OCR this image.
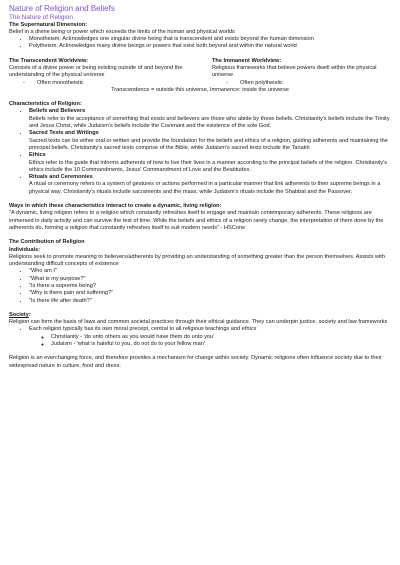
Nature of Religion and Beliefs
The Nature of Religion
The Supernatural Dimension:
Belief in a divine being or power which exceeds the limits of the human and physical worlds
• Monotheism: Acknowledges one singular divine being that is transcendent and exists beyond the human dimension
• Polytheism: Acknowledges many divine beings or powers that exist both beyond and within the natural world
The Transcendent Worldview:
Consists of a divine power or being existing outside of and beyond the understanding of the physical universe
- Often monotheistic
The Immanent Worldview:
Religious frameworks that believe powers dwell within the physical universe
- Often polytheistic
Transcendence = outside this universe, Immanence: inside the universe
Characteristics of Religion:
• Beliefs and Believers
Beliefs refer to the acceptance of something that exists and believers are those who abide by these beliefs. Christianity's beliefs include the Trinity and Jesus Christ, while Judaism's beliefs include the Covenant and the existence of the sole God.
• Sacred Texts and Writings
Sacred texts can be either oral or written and provide the foundation for the beliefs and ethics of a religion, guiding adherents and maintaining the principal beliefs. Christianity's sacred texts comprise of the Bible, while Judaism's sacred texts include the Tanakh
• Ethics
Ethics refer to the guide that informs adherents of how to live their lives in a manner according to the principal beliefs of the religion. Christianity's ethics include the 10 Commandments, Jesus' Commandment of Love and the Beatitudes.
• Rituals and Ceremonies
A ritual or ceremony refers to a system of gestures or actions performed in a particular manner that link adherents to their supreme beings in a physical way. Christianity's rituals include sacraments and the mass, while Judaism's rituals include the Shabbat and the Passover.
Ways in which these characteristics interact to create a dynamic, living religion:
"A dynamic, living religion refers to a religion which constantly refreshes itself to engage and maintain contemporary adherents. These religions are immersed in daily activity and can survive the test of time. While the beliefs and ethics of a religion rarely change, the interpretation of them done by the adherents do, forming a religion that constantly refreshes itself to suit modern needs" - HSCone
The Contribution of Religion
Individuals:
Religions seek to promote meaning to believers/adherents by providing an understanding of something greater than the person themselves. Assists with understanding difficult concepts of existence
• "Who am I"
• "What is my purpose?"
• "Is there a supreme being?
• "Why is there pain and suffering?"
• "Is there life after death?"
Society:
Religion can form the basis of laws and common societal practices through their ethical guidance. They can underpin justice, society and law frameworks
• Each religion typically has its own moral precept, central to all religious teachings and ethics
◦ Christianity - 'do unto others as you would have them do unto you'
◦ Judaism - 'what is hateful to you, do not do to your fellow man'
Religion is an everchanging force, and therefore provides a mechanism for change within society. Dynamic religions often influence society due to their widespread nature in culture, food and dress.
